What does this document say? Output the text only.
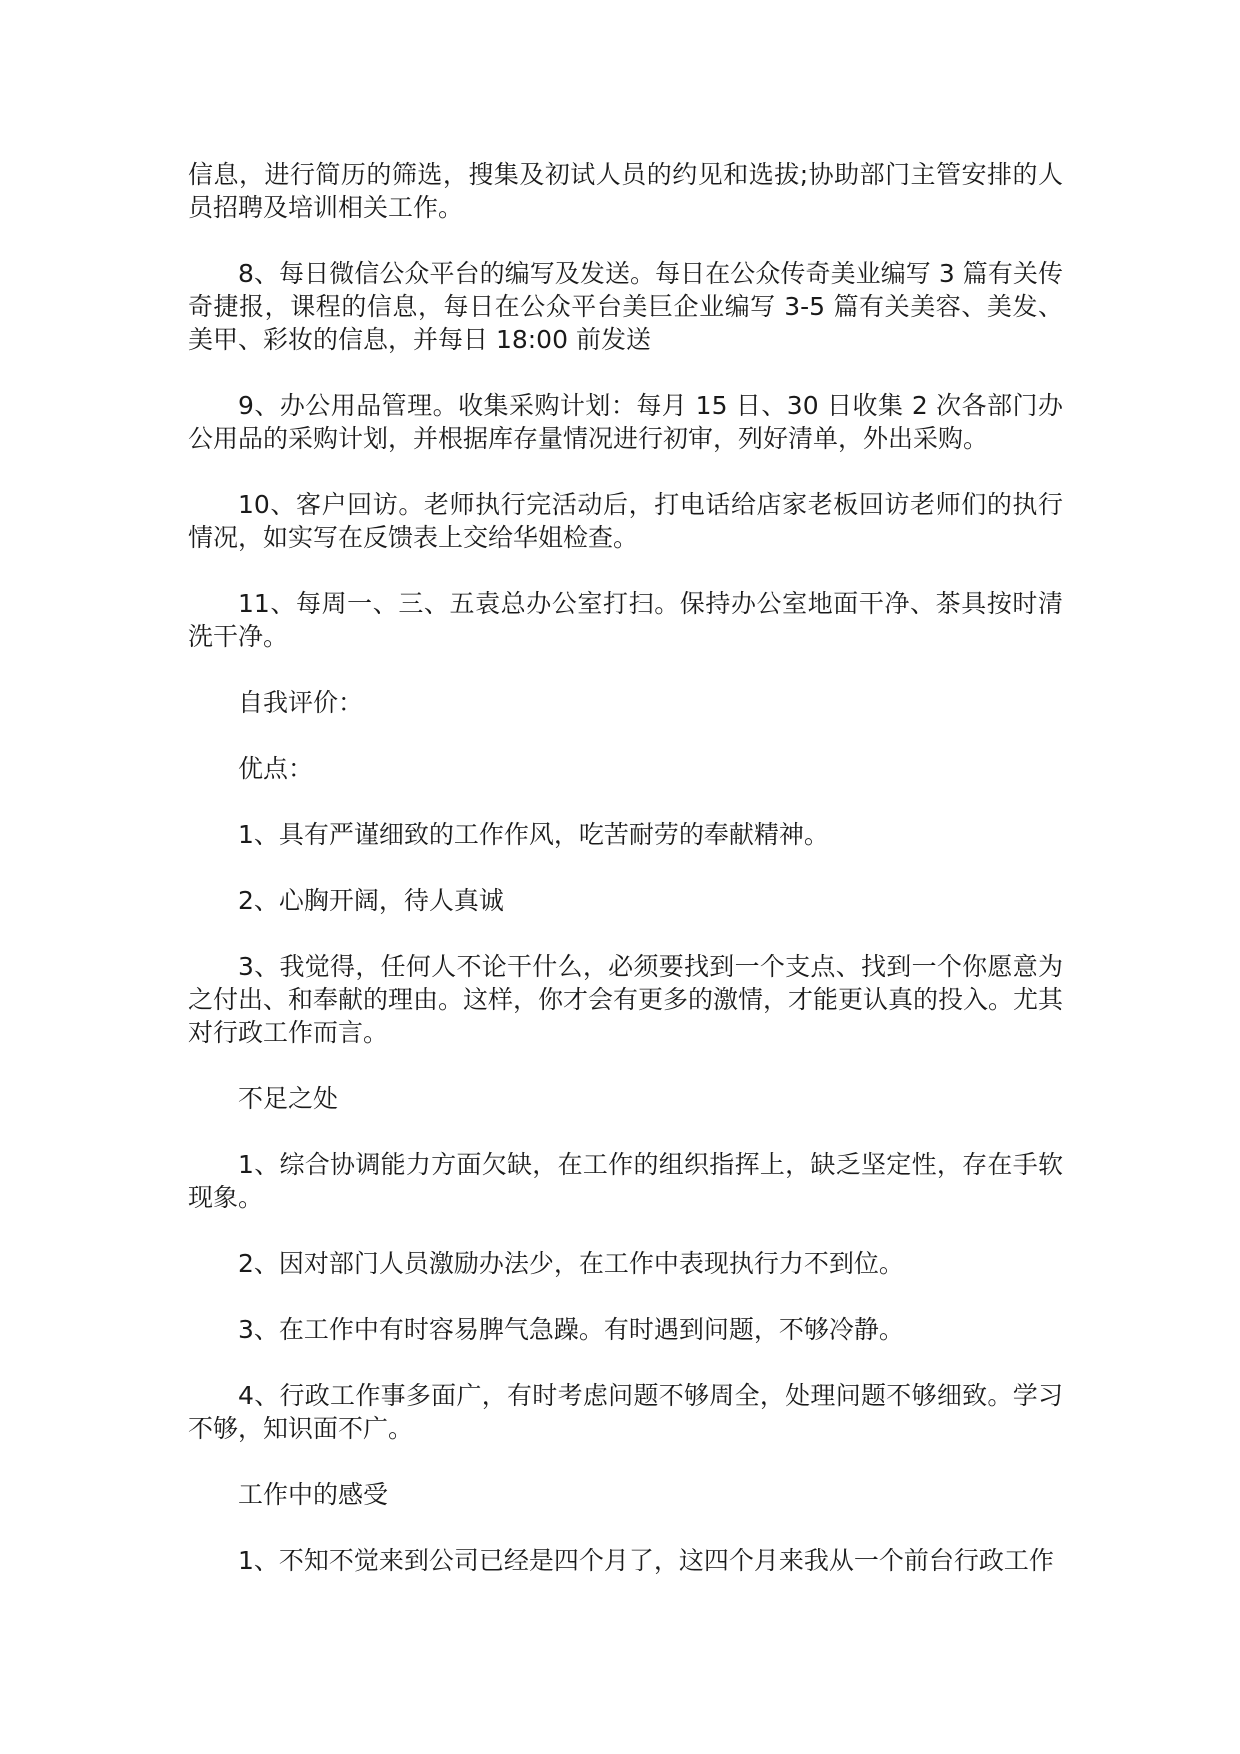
信息，进行简历的筛选，搜集及初试人员的约见和选拔;协助部门主管安排的人员招聘及培训相关工作。

8、每日微信公众平台的编写及发送。每日在公众传奇美业编写 3 篇有关传奇捷报，课程的信息，每日在公众平台美巨企业编写 3-5 篇有关美容、美发、美甲、彩妆的信息，并每日 18:00 前发送

9、办公用品管理。收集采购计划：每月 15 日、30 日收集 2 次各部门办公用品的采购计划，并根据库存量情况进行初审，列好清单，外出采购。

10、客户回访。老师执行完活动后，打电话给店家老板回访老师们的执行情况，如实写在反馈表上交给华姐检查。

11、每周一、三、五袁总办公室打扫。保持办公室地面干净、茶具按时清洗干净。

自我评价：

优点：

1、具有严谨细致的工作作风，吃苦耐劳的奉献精神。

2、心胸开阔，待人真诚

3、我觉得，任何人不论干什么，必须要找到一个支点、找到一个你愿意为之付出、和奉献的理由。这样，你才会有更多的激情，才能更认真的投入。尤其对行政工作而言。

不足之处

1、综合协调能力方面欠缺，在工作的组织指挥上，缺乏坚定性，存在手软现象。

2、因对部门人员激励办法少，在工作中表现执行力不到位。

3、在工作中有时容易脾气急躁。有时遇到问题，不够冷静。

4、行政工作事多面广，有时考虑问题不够周全，处理问题不够细致。学习不够，知识面不广。

工作中的感受

1、不知不觉来到公司已经是四个月了，这四个月来我从一个前台行政工作
